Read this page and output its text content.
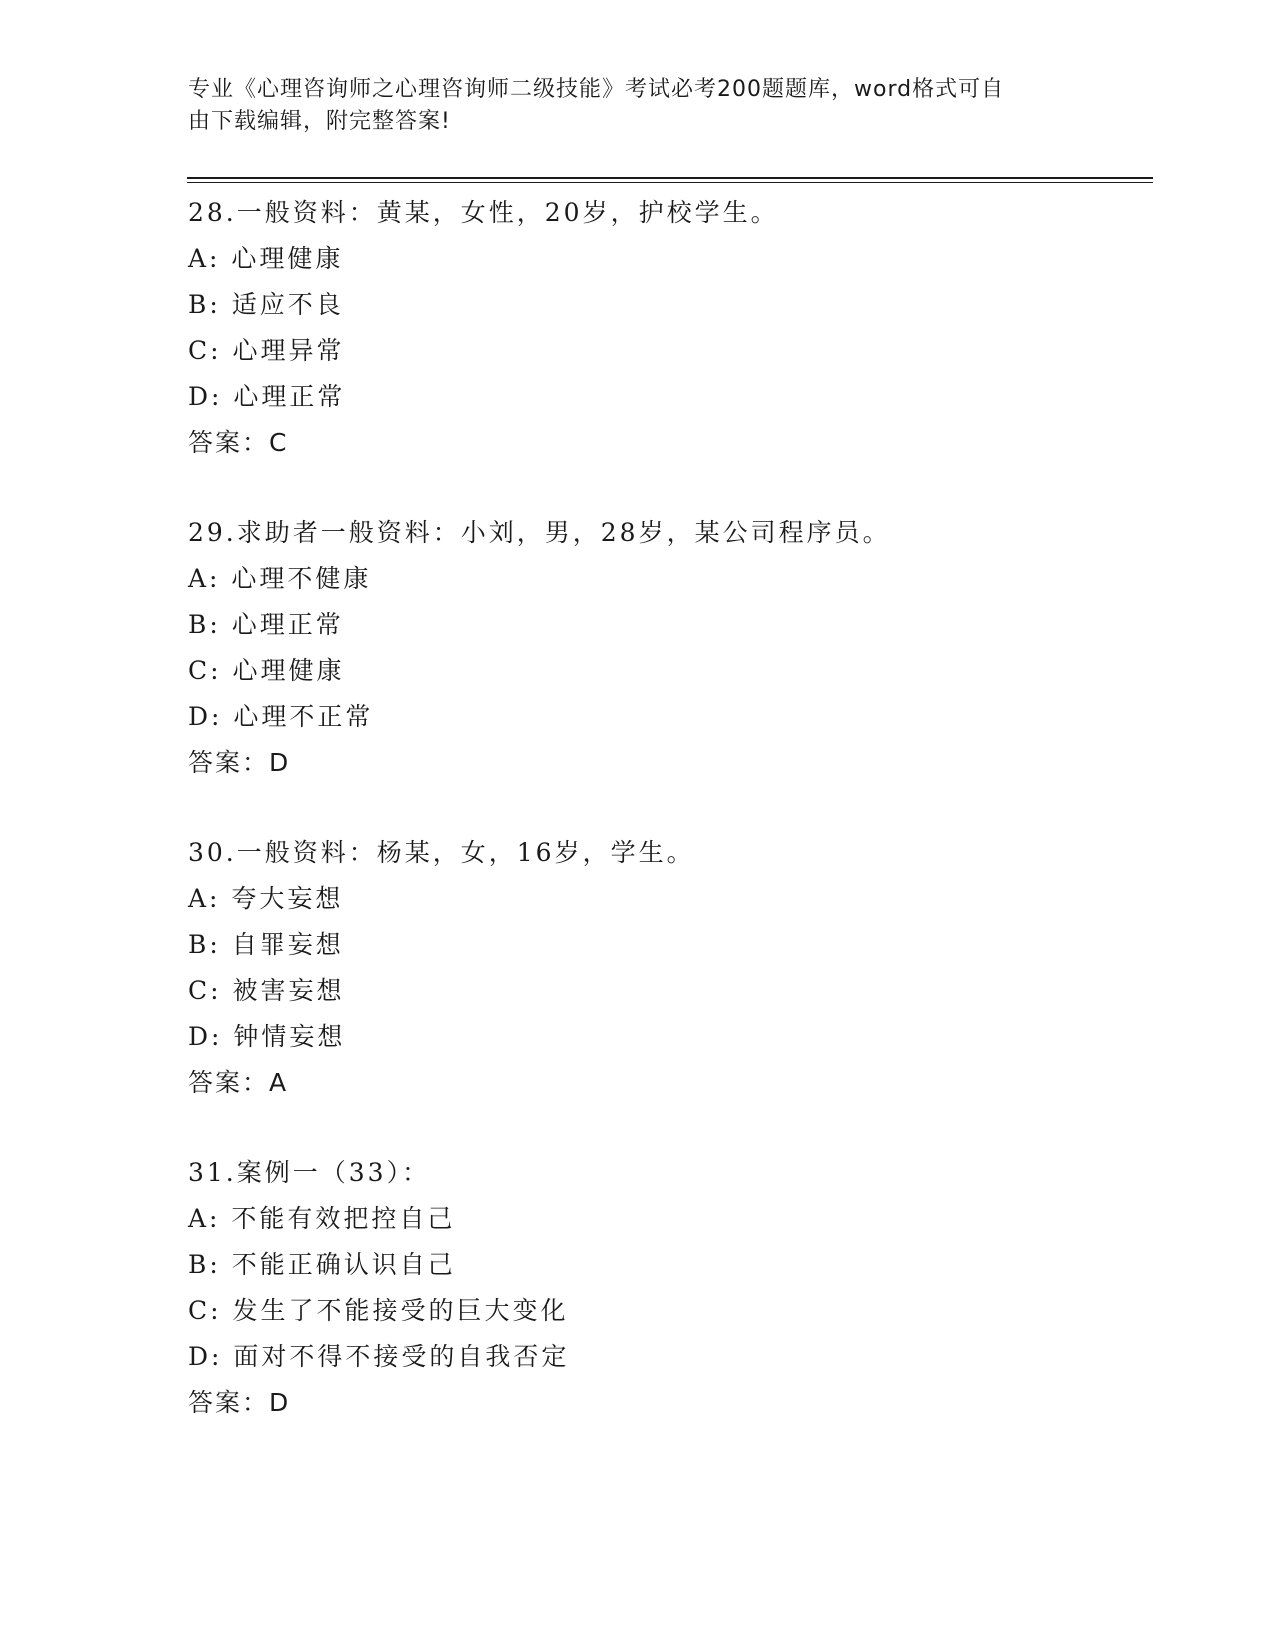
专业《心理咨询师之心理咨询师二级技能》考试必考200题题库，word格式可自
由下载编辑，附完整答案!
28.一般资料：黄某，女性，20岁，护校学生。
A: 心理健康
B: 适应不良
C: 心理异常
D: 心理正常
答案：C
29.求助者一般资料：小刘，男，28岁，某公司程序员。
A: 心理不健康
B: 心理正常
C: 心理健康
D: 心理不正常
答案：D
30.一般资料：杨某，女，16岁，学生。
A: 夸大妄想
B: 自罪妄想
C: 被害妄想
D: 钟情妄想
答案：A
31.案例一（33）：
A: 不能有效把控自己
B: 不能正确认识自己
C: 发生了不能接受的巨大变化
D: 面对不得不接受的自我否定
答案：D
